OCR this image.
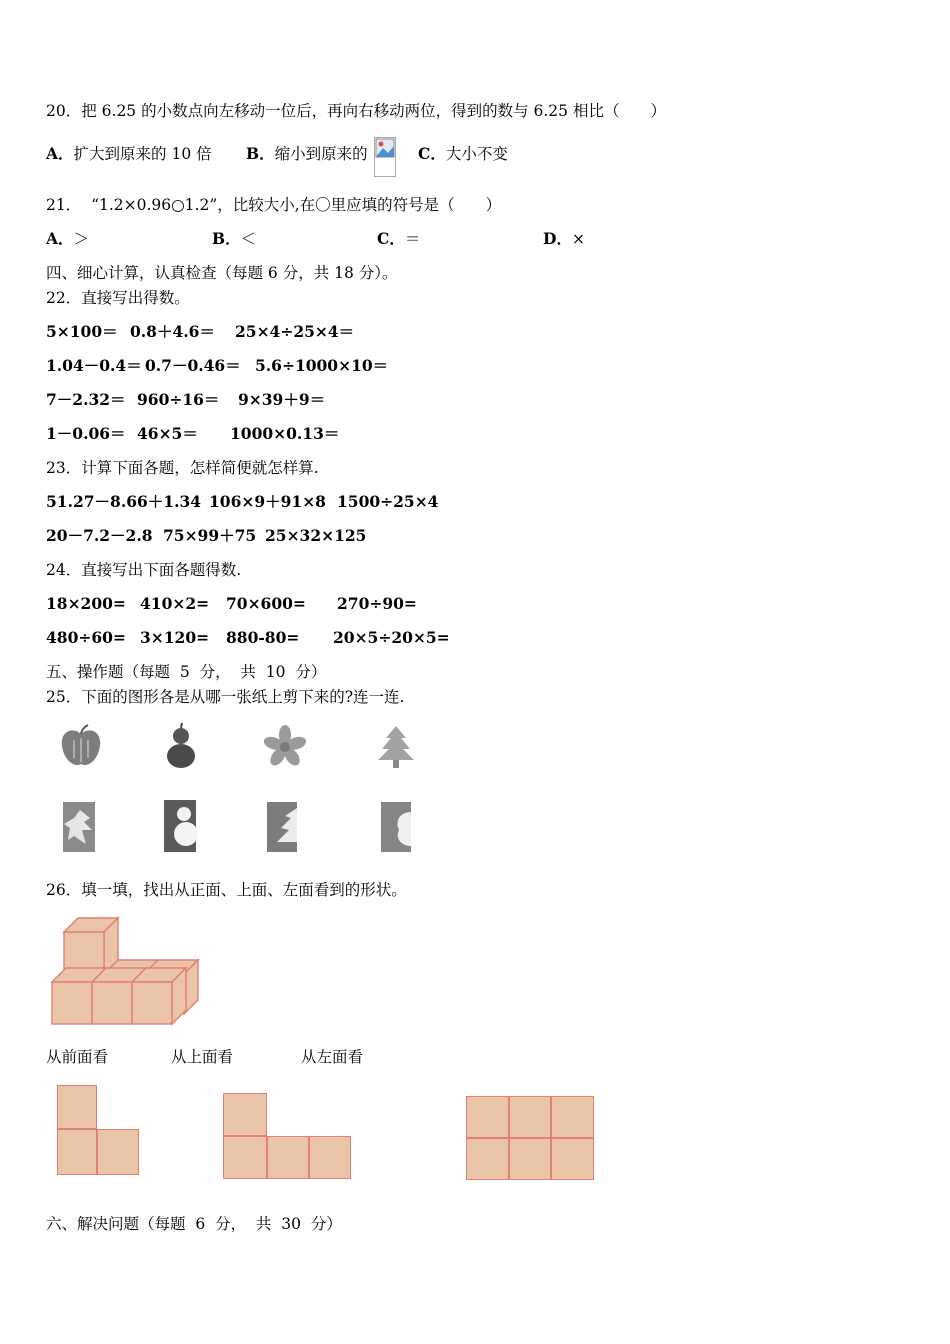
20．把 6.25 的小数点向左移动一位后，再向右移动两位，得到的数与 6.25 相比（　　）
A．扩大到原来的 10 倍 B．缩小到原来的	C．大小不变
21．  “1.2×0.96○1.2”，比较大小,在〇里应填的符号是（　　）
A．＞	B．＜	C．＝	D．×
四、细心计算，认真检查（每题 6 分，共 18 分）。
22．直接写出得数。
5×100＝ 0.8＋4.6＝ 25×4÷25×4＝
1.04－0.4＝ 0.7－0.46＝ 5.6÷1000×10＝
7－2.32＝ 960÷16＝ 9×39＋9＝
1－0.06＝ 46×5＝ 1000×0.13＝
23．计算下面各题，怎样简便就怎样算.
51.27－8.66＋1.34 106×9＋91×8 1500÷25×4
20－7.2－2.8 75×99＋75 25×32×125
24．直接写出下面各题得数.
18×200= 410×2= 70×600= 270÷90=
480÷60= 3×120= 880-80= 20×5÷20×5=
五、操作题（每题  5  分，  共  10  分）
25．下面的图形各是从哪一张纸上剪下来的?连一连.
26．填一填，找出从正面、上面、左面看到的形状。
从前面看	从上面看	从左面看
六、解决问题（每题  6  分，  共  30  分）
